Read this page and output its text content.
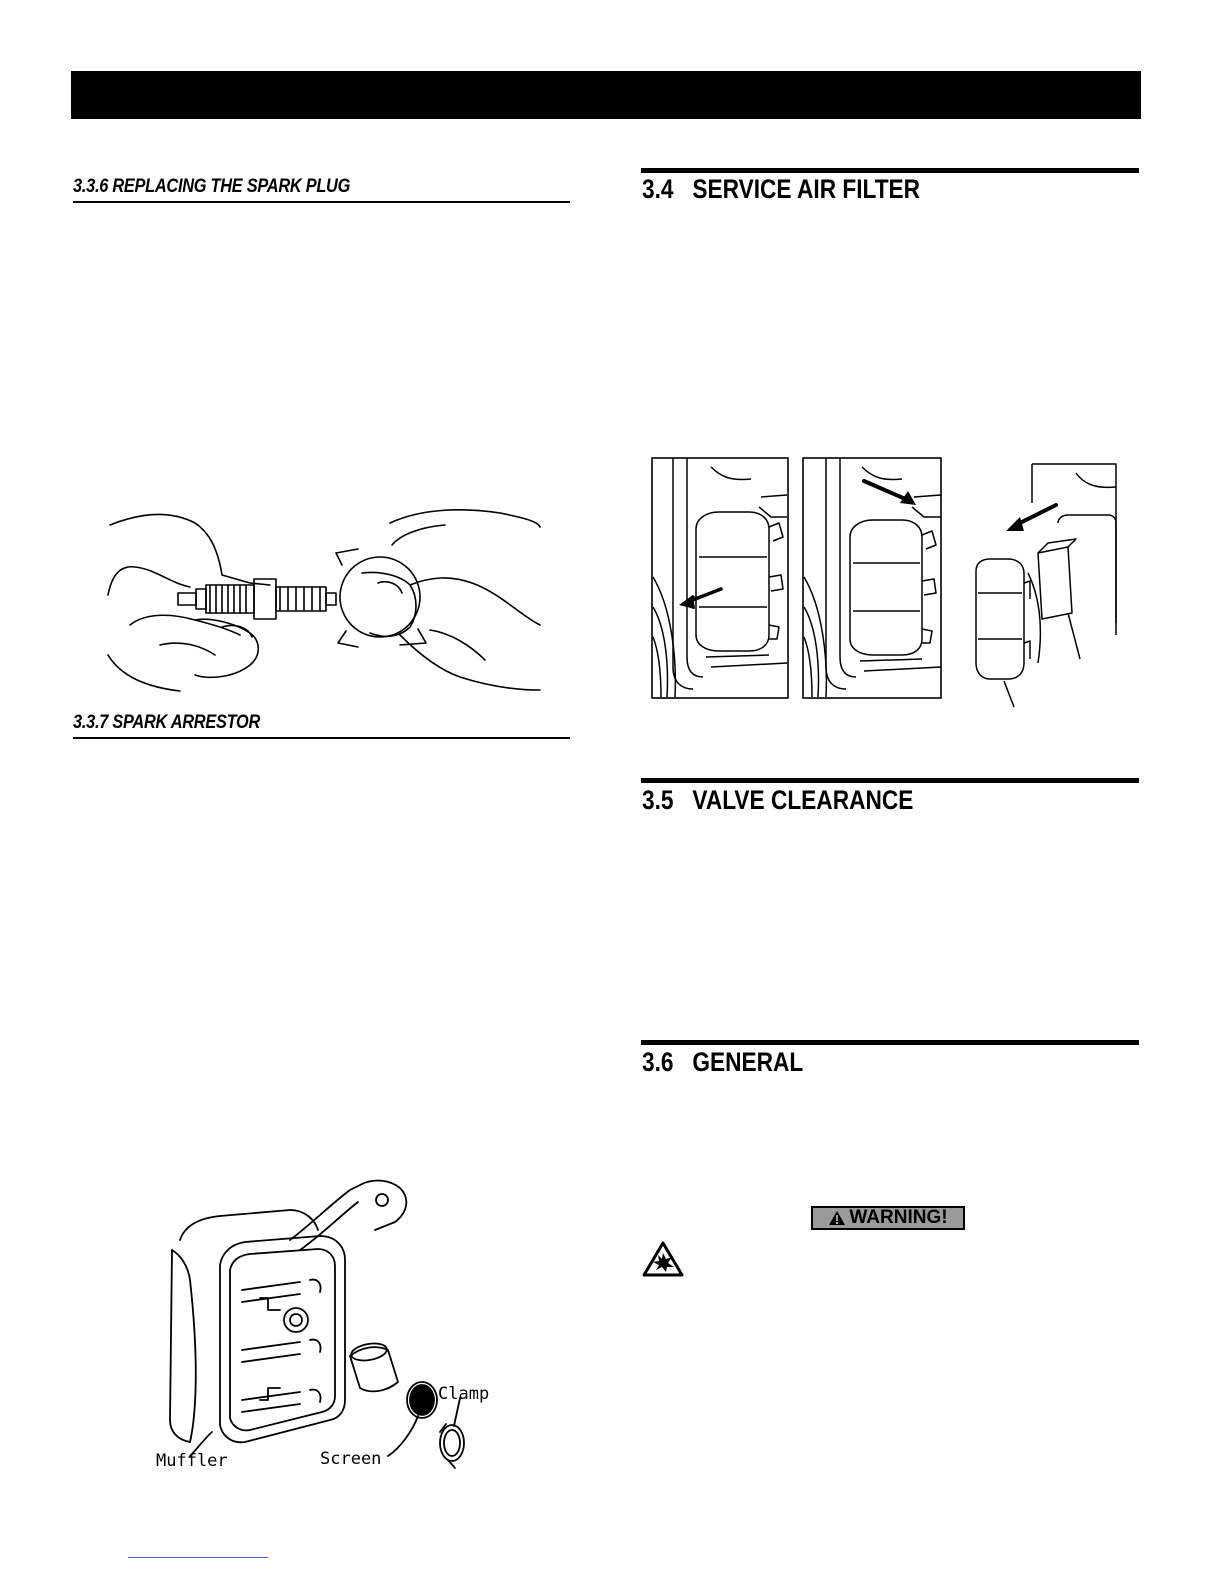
3.3.6 REPLACING THE SPARK PLUG
3.3.7 SPARK ARRESTOR
Muffler	Screen
Clamp
3.4 SERVICE AIR FILTER
3.5 VALVE CLEARANCE
3.6 GENERAL
WARNING!
